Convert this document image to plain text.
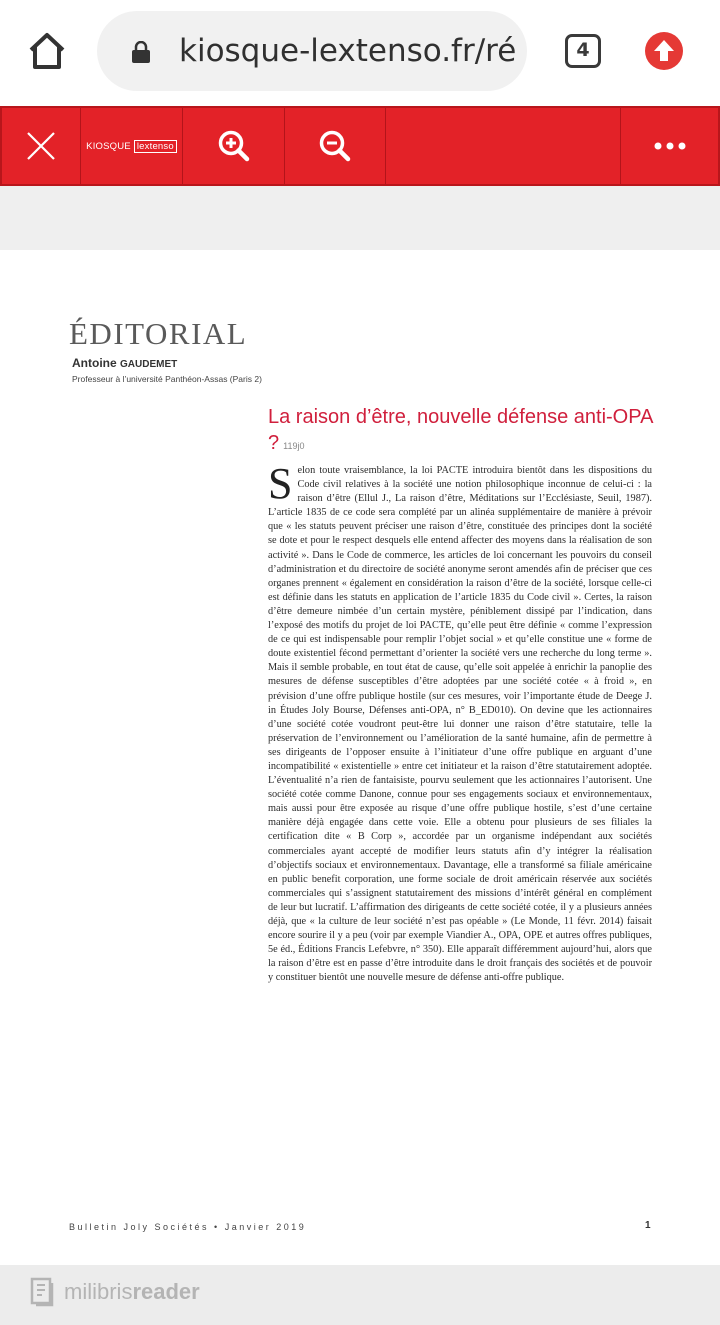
kiosque-lextenso.fr/ré	4
KIOSQUE lextenso
ÉDITORIAL
Antoine GAUDEMET
Professeur à l’université Panthéon-Assas (Paris 2)
La raison d’être, nouvelle défense anti-OPA ? 119j0
Selon toute vraisemblance, la loi PACTE introduira bientôt dans les dispositions du Code civil relatives à la société une notion philosophique inconnue de celui-ci : la raison d’être (Ellul J., La raison d’être, Méditations sur l’Ecclésiaste, Seuil, 1987). L’article 1835 de ce code sera complété par un alinéa supplémentaire de manière à prévoir que « les statuts peuvent préciser une raison d’être, constituée des principes dont la société se dote et pour le respect desquels elle entend affecter des moyens dans la réalisation de son activité ». Dans le Code de commerce, les articles de loi concernant les pouvoirs du conseil d’administration et du directoire de société anonyme seront amendés afin de préciser que ces organes prennent « également en considération la raison d’être de la société, lorsque celle-ci est définie dans les statuts en application de l’article 1835 du Code civil ». Certes, la raison d’être demeure nimbée d’un certain mystère, péniblement dissipé par l’indication, dans l’exposé des motifs du projet de loi PACTE, qu’elle peut être définie « comme l’expression de ce qui est indispensable pour remplir l’objet social » et qu’elle constitue une « forme de doute existentiel fécond permettant d’orienter la société vers une recherche du long terme ». Mais il semble probable, en tout état de cause, qu’elle soit appelée à enrichir la panoplie des mesures de défense susceptibles d’être adoptées par une société cotée « à froid », en prévision d’une offre publique hostile (sur ces mesures, voir l’importante étude de Deege J. in Études Joly Bourse, Défenses anti-OPA, n° B_ED010). On devine que les actionnaires d’une société cotée voudront peut-être lui donner une raison d’être statutaire, telle la préservation de l’environnement ou l’amélioration de la santé humaine, afin de permettre à ses dirigeants de l’opposer ensuite à l’initiateur d’une offre publique en arguant d’une incompatibilité « existentielle » entre cet initiateur et la raison d’être statutairement adoptée. L’éventualité n’a rien de fantaisiste, pourvu seulement que les actionnaires l’autorisent. Une société cotée comme Danone, connue pour ses engagements sociaux et environnementaux, mais aussi pour être exposée au risque d’une offre publique hostile, s’est d’une certaine manière déjà engagée dans cette voie. Elle a obtenu pour plusieurs de ses filiales la certification dite « B Corp », accordée par un organisme indépendant aux sociétés commerciales ayant accepté de modifier leurs statuts afin d’y intégrer la réalisation d’objectifs sociaux et environnementaux. Davantage, elle a transformé sa filiale américaine en public benefit corporation, une forme sociale de droit américain réservée aux sociétés commerciales qui s’assignent statutairement des missions d’intérêt général en complément de leur but lucratif. L’affirmation des dirigeants de cette société cotée, il y a plusieurs années déjà, que « la culture de leur société n’est pas opéable » (Le Monde, 11 févr. 2014) faisait encore sourire il y a peu (voir par exemple Viandier A., OPA, OPE et autres offres publiques, 5e éd., Éditions Francis Lefebvre, n° 350). Elle apparaît différemment aujourd’hui, alors que la raison d’être est en passe d’être introduite dans le droit français des sociétés et de pouvoir y constituer bientôt une nouvelle mesure de défense anti-offre publique.
Bulletin Joly Sociétés • Janvier 2019	1
milibrisreader
